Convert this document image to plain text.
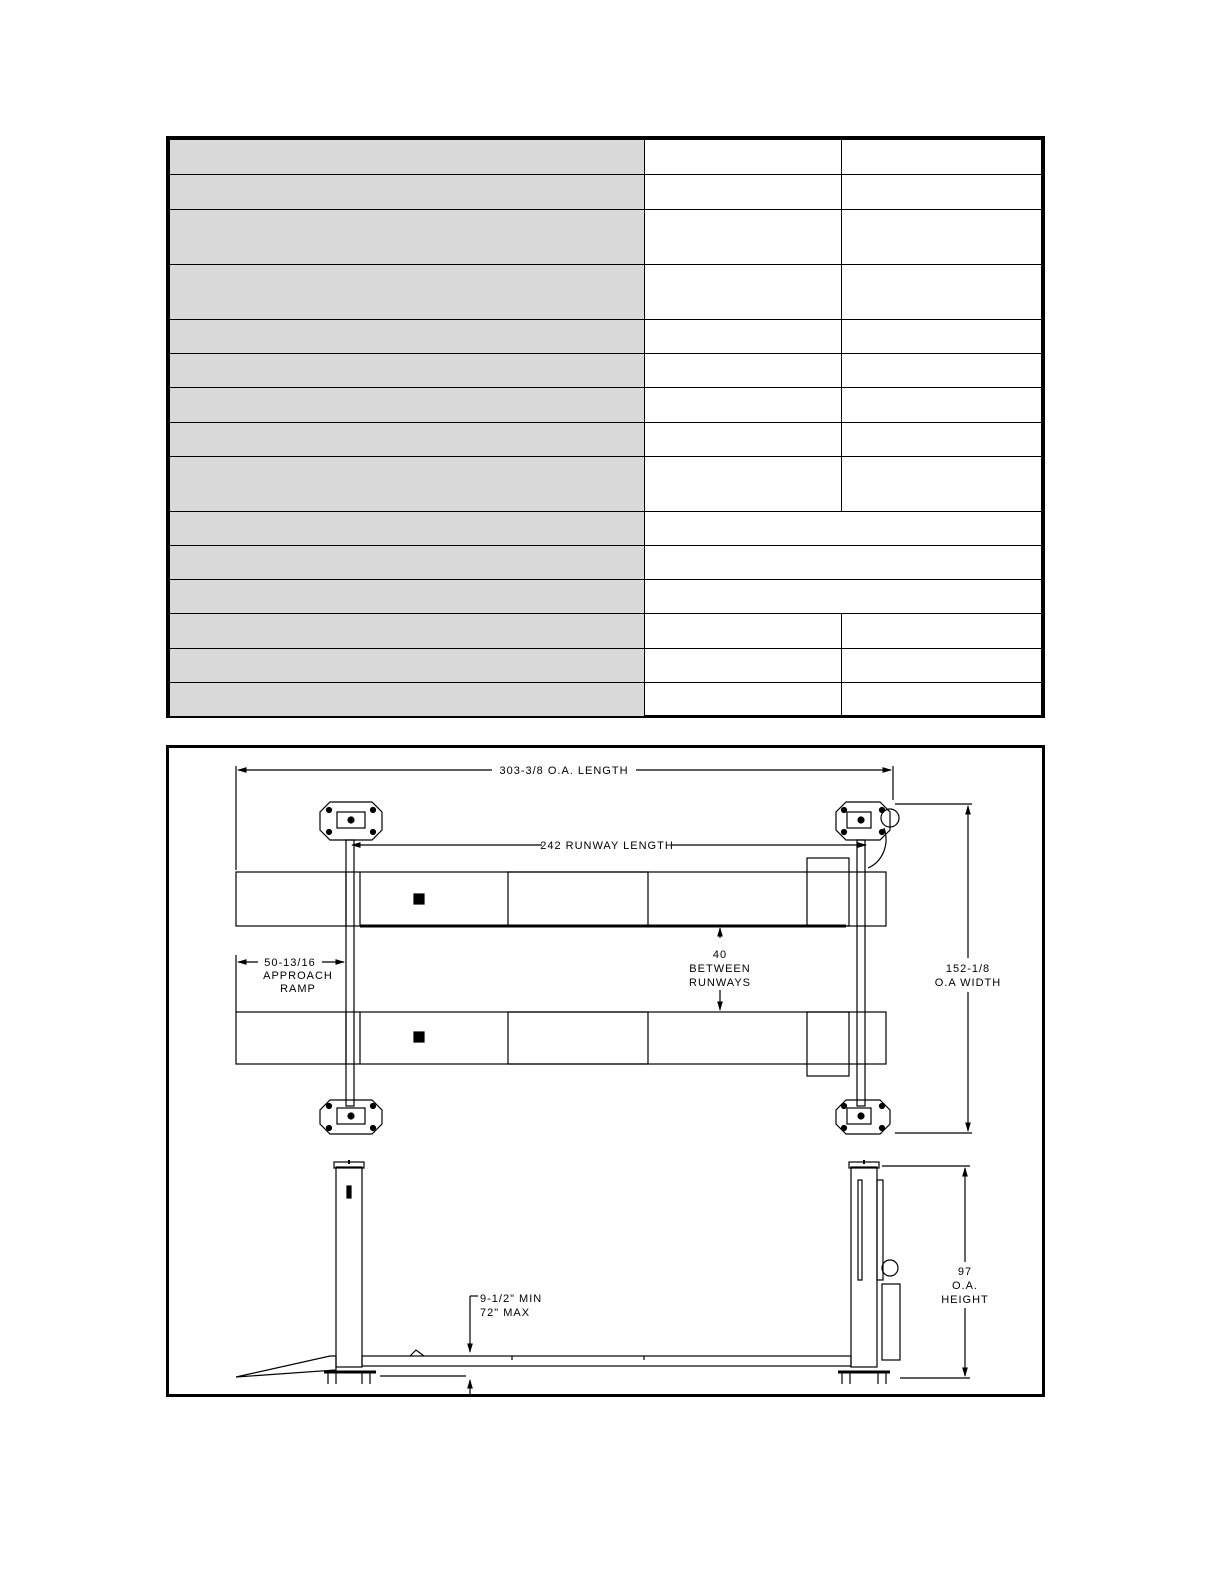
303-3/8 O.A. LENGTH
242 RUNWAY LENGTH
40
BETWEEN
RUNWAYS
50-13/16
APPROACH
RAMP
152-1/8
O.A WIDTH
9-1/2" MIN
72" MAX
97
O.A.
HEIGHT
